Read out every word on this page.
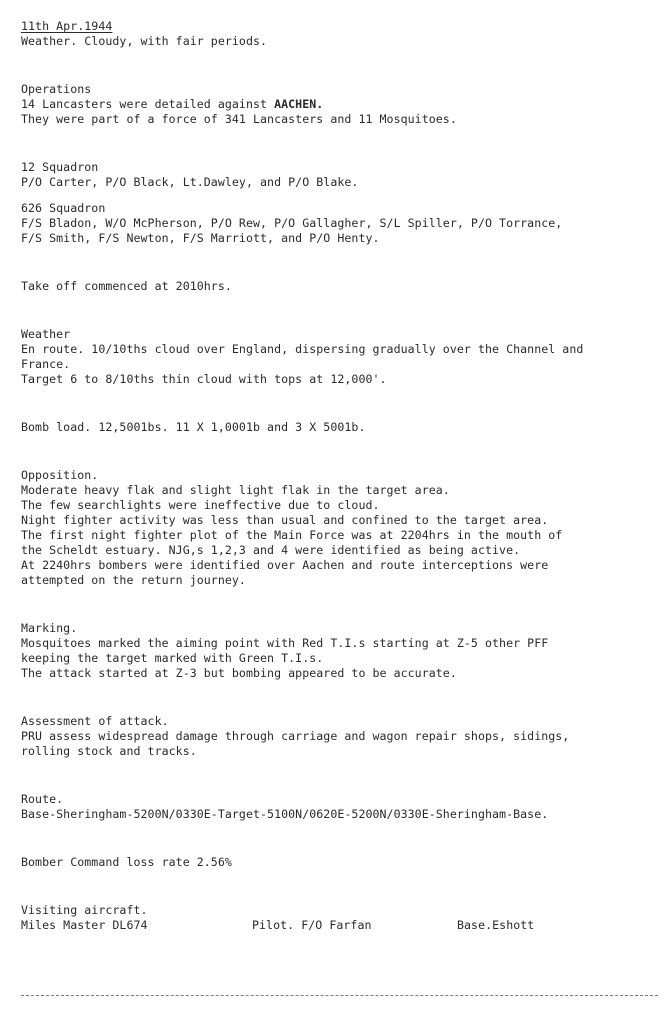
11th Apr.1944
Weather. Cloudy, with fair periods.
Operations
14 Lancasters were detailed against AACHEN.
They were part of a force of 341 Lancasters and 11 Mosquitoes.
12 Squadron
P/O Carter, P/O Black, Lt.Dawley, and P/O Blake.
626 Squadron
F/S Bladon, W/O McPherson, P/O Rew, P/O Gallagher, S/L Spiller, P/O Torrance,
F/S Smith, F/S Newton, F/S Marriott, and P/O Henty.
Take off commenced at 2010hrs.
Weather
En route. 10/10ths cloud over England, dispersing gradually over the Channel and
France.
Target 6 to 8/10ths thin cloud with tops at 12,000'.
Bomb load. 12,5001bs. 11 X 1,0001b and 3 X 5001b.
Opposition.
Moderate heavy flak and slight light flak in the target area.
The few searchlights were ineffective due to cloud.
Night fighter activity was less than usual and confined to the target area.
The first night fighter plot of the Main Force was at 2204hrs in the mouth of
the Scheldt estuary. NJG,s 1,2,3 and 4 were identified as being active.
At 2240hrs bombers were identified over Aachen and route interceptions were
attempted on the return journey.
Marking.
Mosquitoes marked the aiming point with Red T.I.s starting at Z-5 other PFF
keeping the target marked with Green T.I.s.
The attack started at Z-3 but bombing appeared to be accurate.
Assessment of attack.
PRU assess widespread damage through carriage and wagon repair shops, sidings,
rolling stock and tracks.
Route.
Base-Sheringham-5200N/0330E-Target-5100N/0620E-5200N/0330E-Sheringham-Base.
Bomber Command loss rate 2.56%
Visiting aircraft.
Miles Master DL674	Pilot. F/O Farfan	Base.Eshott
